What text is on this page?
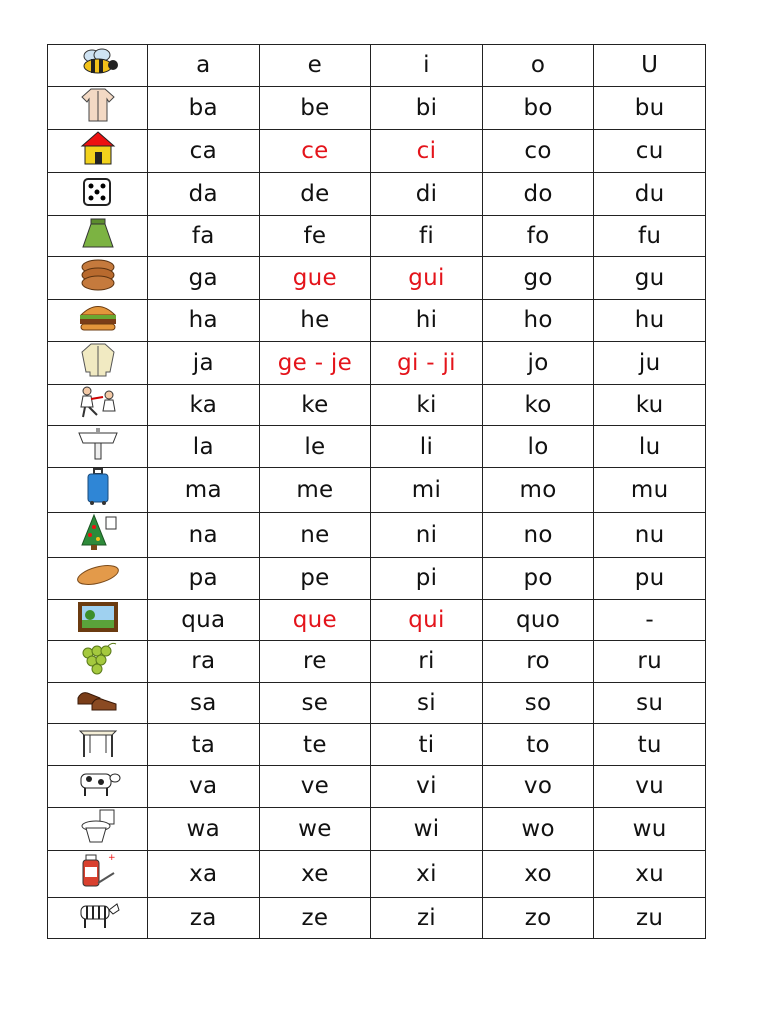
	a	e	i	o	U

	ba	be	bi	bo	bu

	ca	ce	ci	co	cu

	da	de	di	do	du

	fa	fe	fi	fo	fu

	ga	gue	gui	go	gu

	ha	he	hi	ho	hu

	ja	ge - je	gi - ji	jo	ju

	ka	ke	ki	ko	ku

	la	le	li	lo	lu

	ma	me	mi	mo	mu

	na	ne	ni	no	nu

	pa	pe	pi	po	pu

	qua	que	qui	quo	-

	ra	re	ri	ro	ru

	sa	se	si	so	su

	ta	te	ti	to	tu

	va	ve	vi	vo	vu

	wa	we	wi	wo	wu

+	xa	xe	xi	xo	xu

	za	ze	zi	zo	zu
